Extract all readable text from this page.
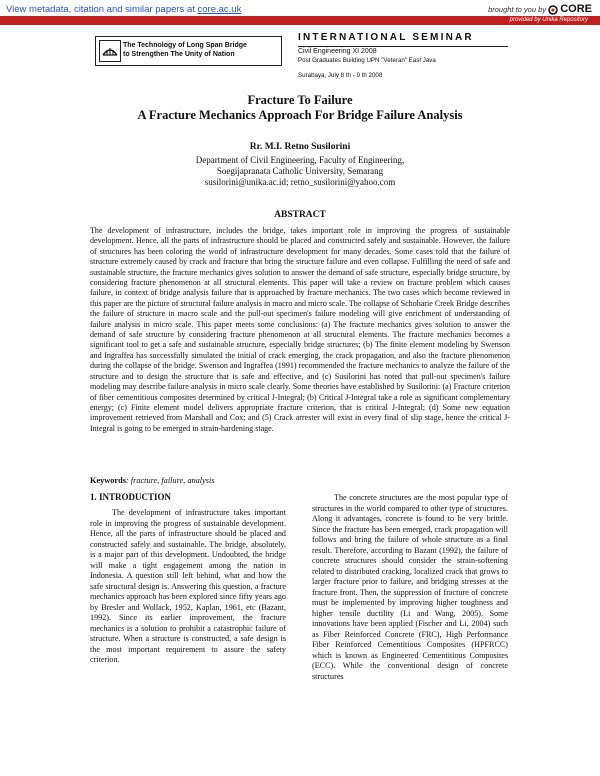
View metadata, citation and similar papers at core.ac.uk	brought to you by CORE
provided by Unika Repository
The Technology of Long Span Bridge
to Strengthen The Unity of Nation
INTERNATIONAL SEMINAR
Civil Engineering XI 2008
Post Graduates Building UPN "Veteran" East Java
Surabaya, July 8 th - 9 th 2008
Fracture To Failure
A Fracture Mechanics Approach For Bridge Failure Analysis
Rr. M.I. Retno Susilorini
Department of Civil Engineering, Faculty of Engineering,
Soegijapranata Catholic University, Semarang
susilorini@unika.ac.id; retno_susilorini@yahoo.com
ABSTRACT
The development of infrastructure, includes the bridge, takes important role in improving the progress of sustainable development. Hence, all the parts of infrastructure should be placed and constructed safely and sustainable. However, the failure of structures has been coloring the world of infrastructure development for many decades. Some cases told that the failure of structure extremely caused by crack and fracture that bring the structure failure and even collapse. Fulfilling the need of safe and sustainable structure, the fracture mechanics gives solution to answer the demand of safe structure, especially bridge structure, by considering fracture phenomenon at all structural elements. This paper will take a review on fracture problem which causes failure, in context of bridge analysis failure that is approached by fracture mechanics. The two cases which become reviewed in this paper are the picture of structural failure analysis in macro and micro scale. The collapse of Schoharie Creek Bridge describes the failure of structure in macro scale and the pull-out specimen's failure modeling will give enrichment of understanding of failure analysis in micro scale. This paper meets some conclusions: (a) The fracture mechanics gives solution to answer the demand of safe structure by considering fracture phenomenon at all structural elements. The fracture mechanics becomes a significant tool to get a safe and sustainable structure, especially bridge structures; (b) The finite element modeling by Swenson and Ingraffea has successfully simulated the initial of crack emerging, the crack propagation, and also the fracture phenomenon during the collapse of the bridge. Swenson and Ingraffea (1991) recommended the fracture mechanics to analyze the failure of the structure and to design the structure that is safe and effective, and (c) Susilorini has noted that pull-out specimen's failure modeling may describe failure analysis in micro scale clearly. Some theories have established by Susilorini: (a) Fracture criterion of fiber cementitious composites determined by critical J-Integral; (b) Critical J-Integral take a role as significant complementary energy; (c) Finite element model delivers appropriate fracture criterion, that is critical J-Integral; (d) Some new equation improvement retrieved from Marshall and Cox; and (5) Crack arrester will exist in every final of slip stage, hence the critical J-Integral is going to be emerged in strain-hardening stage.
Keywords: fracture, failure, analysis
1. INTRODUCTION
The development of infrastructure takes important role in improving the progress of sustainable development. Hence, all the parts of infrastructure should be placed and constructed safely and sustainable. The bridge, absolutely, is a major part of this development. Undoubted, the bridge will make a tight engagement among the nation in Indonesia. A question still left behind, what and how the safe structural design is. Answering this question, a fracture mechanics approach has been explored since fifty years ago by Bresler and Wollack, 1952, Kaplan, 1961, etc (Bazant, 1992). Since its earlier improvement, the fracture mechanics is a solution to prohibit a catastrophic failure of structure. When a structure is constructed, a safe design is the most important requirement to assure the safety criterion.
The concrete structures are the most popular type of structures in the world compared to other type of structures. Along it advantages, concrete is found to be very brittle. Since the fracture has been emerged, crack propagation will follows and bring the failure of whole structure as a final result. Therefore, according to Bazant (1992), the failure of concrete structures should consider the strain-softening related to distributed cracking, localized crack that grows to larger fracture prior to failure, and bridging stresses at the fracture front. Then, the suppression of fracture of concrete must be implemented by improving higher toughness and higher tensile ductility (Li and Wang, 2005). Some innovations have been applied (Fischer and Li, 2004) such as Fiber Reinforced Concrete (FRC), High Performance Fiber Reinforced Cementitious Composites (HPFRCC) which is known as Engineered Cementitious Composites (ECC). While the conventional design of concrete structures
